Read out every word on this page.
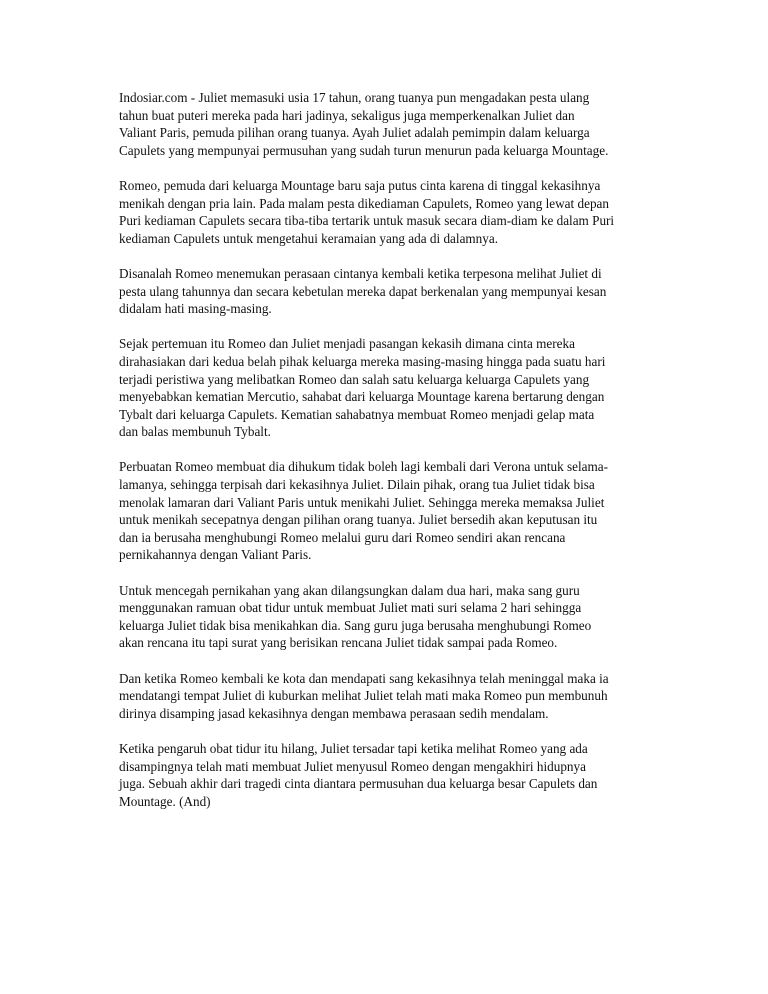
Indosiar.com - Juliet memasuki usia 17 tahun, orang tuanya pun mengadakan pesta ulang
tahun buat puteri mereka pada hari jadinya, sekaligus juga memperkenalkan Juliet dan
Valiant Paris, pemuda pilihan orang tuanya. Ayah Juliet adalah pemimpin dalam keluarga
Capulets yang mempunyai permusuhan yang sudah turun menurun pada keluarga Mountage.

Romeo, pemuda dari keluarga Mountage baru saja putus cinta karena di tinggal kekasihnya
menikah dengan pria lain. Pada malam pesta dikediaman Capulets, Romeo yang lewat depan
Puri kediaman Capulets secara tiba-tiba tertarik untuk masuk secara diam-diam ke dalam Puri
kediaman Capulets untuk mengetahui keramaian yang ada di dalamnya.

Disanalah Romeo menemukan perasaan cintanya kembali ketika terpesona melihat Juliet di
pesta ulang tahunnya dan secara kebetulan mereka dapat berkenalan yang mempunyai kesan
didalam hati masing-masing.

Sejak pertemuan itu Romeo dan Juliet menjadi pasangan kekasih dimana cinta mereka
dirahasiakan dari kedua belah pihak keluarga mereka masing-masing hingga pada suatu hari
terjadi peristiwa yang melibatkan Romeo dan salah satu keluarga keluarga Capulets yang
menyebabkan kematian Mercutio, sahabat dari keluarga Mountage karena bertarung dengan
Tybalt dari keluarga Capulets. Kematian sahabatnya membuat Romeo menjadi gelap mata
dan balas membunuh Tybalt.

Perbuatan Romeo membuat dia dihukum tidak boleh lagi kembali dari Verona untuk selama-
lamanya, sehingga terpisah dari kekasihnya Juliet. Dilain pihak, orang tua Juliet tidak bisa
menolak lamaran dari Valiant Paris untuk menikahi Juliet. Sehingga mereka memaksa Juliet
untuk menikah secepatnya dengan pilihan orang tuanya. Juliet bersedih akan keputusan itu
dan ia berusaha menghubungi Romeo melalui guru dari Romeo sendiri akan rencana
pernikahannya dengan Valiant Paris.

Untuk mencegah pernikahan yang akan dilangsungkan dalam dua hari, maka sang guru
menggunakan ramuan obat tidur untuk membuat Juliet mati suri selama 2 hari sehingga
keluarga Juliet tidak bisa menikahkan dia. Sang guru juga berusaha menghubungi Romeo
akan rencana itu tapi surat yang berisikan rencana Juliet tidak sampai pada Romeo.

Dan ketika Romeo kembali ke kota dan mendapati sang kekasihnya telah meninggal maka ia
mendatangi tempat Juliet di kuburkan melihat Juliet telah mati maka Romeo pun membunuh
dirinya disamping jasad kekasihnya dengan membawa perasaan sedih mendalam.

Ketika pengaruh obat tidur itu hilang, Juliet tersadar tapi ketika melihat Romeo yang ada
disampingnya telah mati membuat Juliet menyusul Romeo dengan mengakhiri hidupnya
juga. Sebuah akhir dari tragedi cinta diantara permusuhan dua keluarga besar Capulets dan
Mountage. (And)
